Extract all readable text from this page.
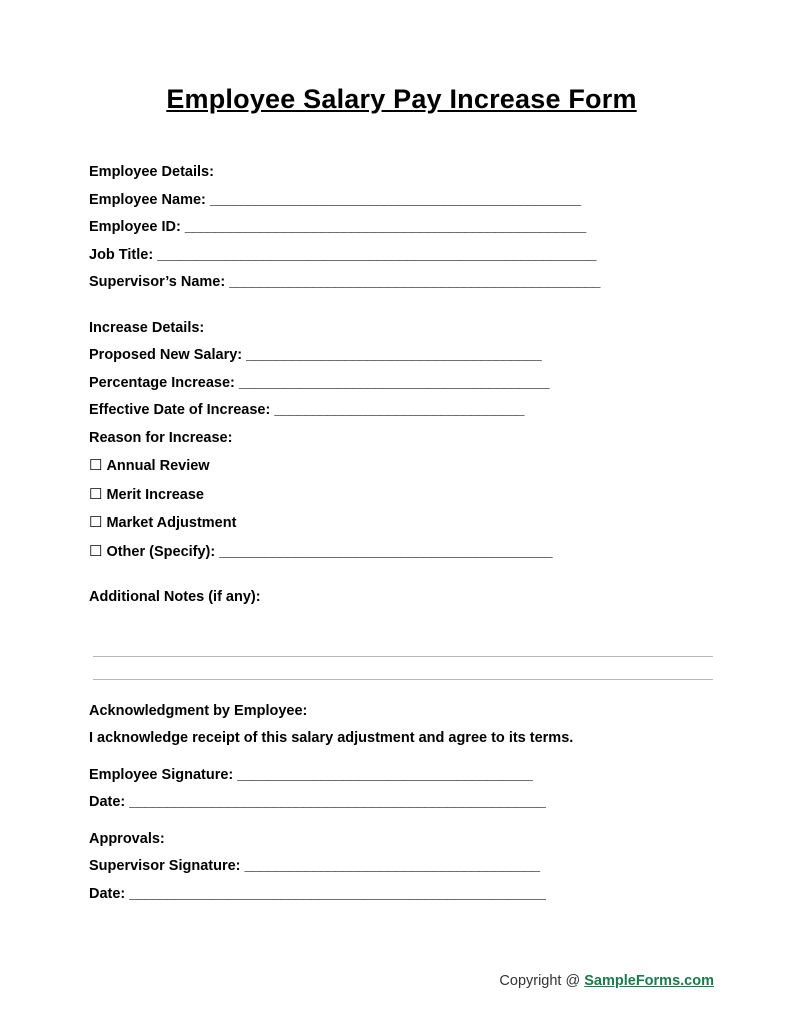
Employee Salary Pay Increase Form
Employee Details:
Employee Name: _________________________________________________
Employee ID: _____________________________________________________
Job Title: __________________________________________________________
Supervisor’s Name: _________________________________________________
Increase Details:
Proposed New Salary: _______________________________________
Percentage Increase: _________________________________________
Effective Date of Increase: _________________________________
Reason for Increase:
☐ Annual Review
☐ Merit Increase
☐ Market Adjustment
☐ Other (Specify): ____________________________________________
Additional Notes (if any):
Acknowledgment by Employee:
I acknowledge receipt of this salary adjustment and agree to its terms.
Employee Signature: _______________________________________
Date: _______________________________________________________
Approvals:
Supervisor Signature: _______________________________________
Date: _______________________________________________________
Copyright @ SampleForms.com
